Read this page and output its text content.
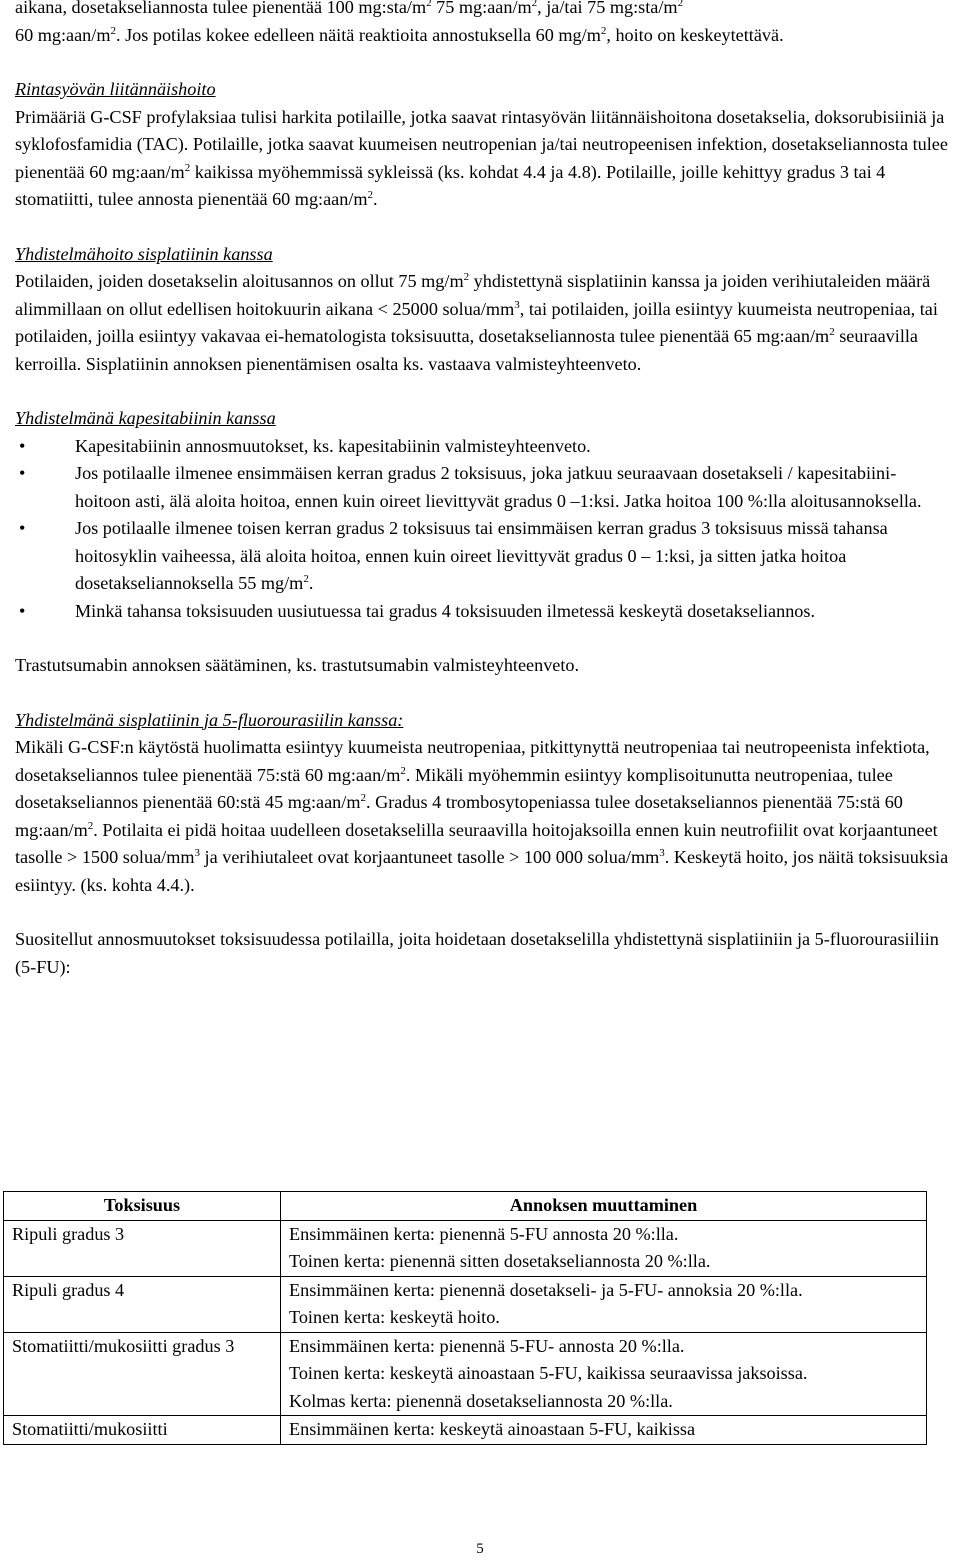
aikana, dosetakseliannosta tulee pienentää 100 $mg:sta/m^2$ 75 $mg:aan/m^2$, ja/tai 75 $mg:sta/m^2$
60 $mg:aan/m^2$. Jos potilas kokee edelleen näitä reaktioita annostuksella 60 $mg/m^2$, hoito on keskeytettävä.

Rintasyövän liitännäishoito

Primääriä G-CSF profylaksiaa tulisi harkita potilaille, jotka saavat rintasyövän liitännäishoitona dosetakselia, doksorubisiiniä ja syklofosfamidia (TAC). Potilaille, jotka saavat kuumeisen neutropenian ja/tai neutropeenisen infektion, dosetakseliannosta tulee pienentää 60 $mg:aan/m^2$ kaikissa myöhemmissä sykleissä (ks. kohdat 4.4 ja 4.8). Potilaille, joille kehittyy gradus 3 tai 4 stomatiitti, tulee annosta pienentää 60 $mg:aan/m^2$.

Yhdistelmähoito sisplatiinin kanssa

Potilaiden, joiden dosetakselin aloitusannos on ollut 75 $mg/m^2$ yhdistettynä sisplatiinin kanssa ja joiden verihiutaleiden määrä alimmillaan on ollut edellisen hoitokuurin aikana < 25000 solua/$mm^3$, tai potilaiden, joilla esiintyy kuumeista neutropeniaa, tai potilaiden, joilla esiintyy vakavaa ei-hematologista toksisuutta, dosetakseliannosta tulee pienentää 65 $mg:aan/m^2$ seuraavilla kerroilla. Sisplatiinin annoksen pienentämisen osalta ks. vastaava valmisteyhteenveto.

Yhdistelmänä kapesitabiinin kanssa

•	Kapesitabiinin annosmuutokset, ks. kapesitabiinin valmisteyhteenveto.
•	Jos potilaalle ilmenee ensimmäisen kerran gradus 2 toksisuus, joka jatkuu seuraavaan dosetakseli / kapesitabiini- hoitoon asti, älä aloita hoitoa, ennen kuin oireet lievittyvät gradus 0 –1:ksi. Jatka hoitoa 100 %:lla aloitusannoksella.
•	Jos potilaalle ilmenee toisen kerran gradus 2 toksisuus tai ensimmäisen kerran gradus 3 toksisuus missä tahansa hoitosyklin vaiheessa, älä aloita hoitoa, ennen kuin oireet lievittyvät gradus 0 – 1:ksi, ja sitten jatka hoitoa dosetakseliannoksella 55 $mg/m^2$.
•	Minkä tahansa toksisuuden uusiutuessa tai gradus 4 toksisuuden ilmetessä keskeytä dosetakseliannos.

Trastutsumabin annoksen säätäminen, ks. trastutsumabin valmisteyhteenveto.

Yhdistelmänä sisplatiinin ja 5-fluorourasiilin kanssa:

Mikäli G-CSF:n käytöstä huolimatta esiintyy kuumeista neutropeniaa, pitkittynyttä neutropeniaa tai neutropeenista infektiota, dosetakseliannos tulee pienentää 75:stä 60 $mg:aan/m^2$. Mikäli myöhemmin esiintyy komplisoitunutta neutropeniaa, tulee dosetakseliannos pienentää 60:stä 45 $mg:aan/m^2$. Gradus 4 trombosytopeniassa tulee dosetakseliannos pienentää 75:stä 60 $mg:aan/m^2$. Potilaita ei pidä hoitaa uudelleen dosetakselilla seuraavilla hoitojaksoilla ennen kuin neutrofiilit ovat korjaantuneet tasolle > 1500 solua/$mm^3$ ja verihiutaleet ovat korjaantuneet tasolle > 100 000 solua/$mm^3$. Keskeytä hoito, jos näitä toksisuuksia esiintyy. (ks. kohta 4.4.).

Suositellut annosmuutokset toksisuudessa potilailla, joita hoidetaan dosetakselilla yhdistettynä sisplatiiniin ja 5-fluorourasiiliin (5-FU):

Toksisuus	Annoksen muuttaminen
Ripuli gradus 3	Ensimmäinen kerta: pienennä 5-FU annosta 20 %:lla.
Toinen kerta: pienennä sitten dosetakseliannosta 20 %:lla.

Ripuli gradus 4	Ensimmäinen kerta: pienennä dosetakseli- ja 5-FU- annoksia 20 %:lla.
Toinen kerta: keskeytä hoito.

Stomatiitti/mukosiitti gradus 3	Ensimmäinen kerta: pienennä 5-FU- annosta 20 %:lla.
Toinen kerta: keskeytä ainoastaan 5-FU, kaikissa seuraavissa jaksoissa.
Kolmas kerta: pienennä dosetakseliannosta 20 %:lla.

Stomatiitti/mukosiitti	Ensimmäinen kerta: keskeytä ainoastaan 5-FU, kaikissa
5
